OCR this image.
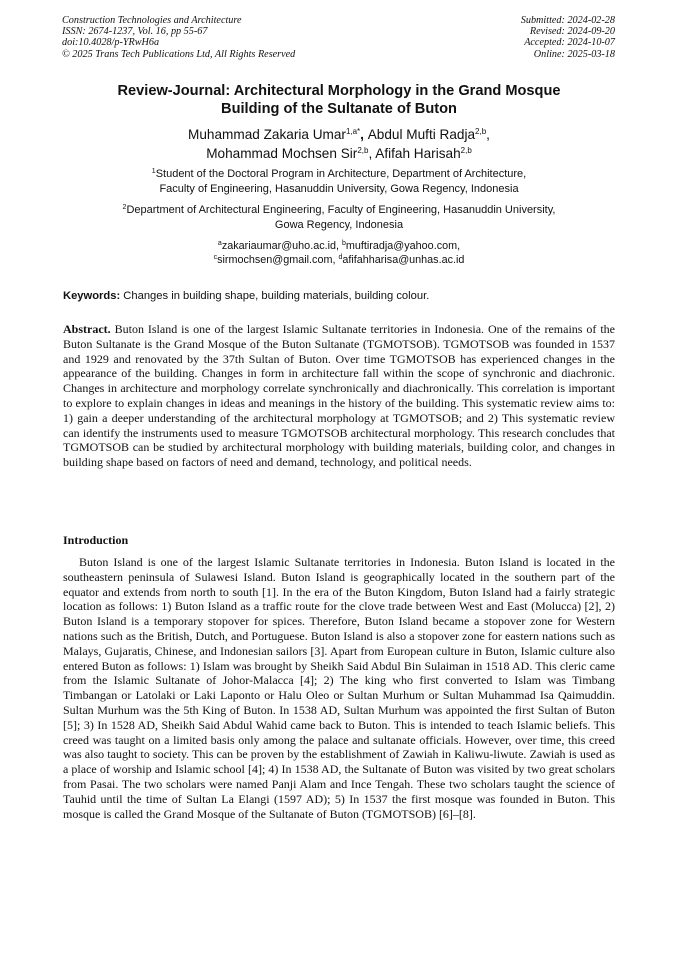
Construction Technologies and Architecture
ISSN: 2674-1237, Vol. 16, pp 55-67
doi:10.4028/p-YRwH6a
© 2025 Trans Tech Publications Ltd, All Rights Reserved
Submitted: 2024-02-28
Revised: 2024-09-20
Accepted: 2024-10-07
Online: 2025-03-18
Review-Journal: Architectural Morphology in the Grand Mosque
Building of the Sultanate of Buton
Muhammad Zakaria Umar$^{1,a*}$, Abdul Mufti Radja$^{2,b}$,
Mohammad Mochsen Sir$^{2,b}$, Afifah Harisah$^{2,b}$
$^1$Student of the Doctoral Program in Architecture, Department of Architecture,
Faculty of Engineering, Hasanuddin University, Gowa Regency, Indonesia
$^2$Department of Architectural Engineering, Faculty of Engineering, Hasanuddin University,
Gowa Regency, Indonesia
$^a$zakariaumar@uho.ac.id, $^b$muftiradja@yahoo.com,
$^c$sirmochsen@gmail.com, $^d$afifahharisa@unhas.ac.id
Keywords: Changes in building shape, building materials, building colour.
Abstract. Buton Island is one of the largest Islamic Sultanate territories in Indonesia. One of the remains of the Buton Sultanate is the Grand Mosque of the Buton Sultanate (TGMOTSOB). TGMOTSOB was founded in 1537 and 1929 and renovated by the 37th Sultan of Buton. Over time TGMOTSOB has experienced changes in the appearance of the building. Changes in form in architecture fall within the scope of synchronic and diachronic. Changes in architecture and morphology correlate synchronically and diachronically. This correlation is important to explore to explain changes in ideas and meanings in the history of the building. This systematic review aims to: 1) gain a deeper understanding of the architectural morphology at TGMOTSOB; and 2) This systematic review can identify the instruments used to measure TGMOTSOB architectural morphology. This research concludes that TGMOTSOB can be studied by architectural morphology with building materials, building color, and changes in building shape based on factors of need and demand, technology, and political needs.
Introduction
Buton Island is one of the largest Islamic Sultanate territories in Indonesia. Buton Island is located in the southeastern peninsula of Sulawesi Island. Buton Island is geographically located in the southern part of the equator and extends from north to south [1]. In the era of the Buton Kingdom, Buton Island had a fairly strategic location as follows: 1) Buton Island as a traffic route for the clove trade between West and East (Molucca) [2], 2) Buton Island is a temporary stopover for spices. Therefore, Buton Island became a stopover zone for Western nations such as the British, Dutch, and Portuguese. Buton Island is also a stopover zone for eastern nations such as Malays, Gujaratis, Chinese, and Indonesian sailors [3]. Apart from European culture in Buton, Islamic culture also entered Buton as follows: 1) Islam was brought by Sheikh Said Abdul Bin Sulaiman in 1518 AD. This cleric came from the Islamic Sultanate of Johor-Malacca [4]; 2) The king who first converted to Islam was Timbang Timbangan or Latolaki or Laki Laponto or Halu Oleo or Sultan Murhum or Sultan Muhammad Isa Qaimuddin. Sultan Murhum was the 5th King of Buton. In 1538 AD, Sultan Murhum was appointed the first Sultan of Buton [5]; 3) In 1528 AD, Sheikh Said Abdul Wahid came back to Buton. This is intended to teach Islamic beliefs. This creed was taught on a limited basis only among the palace and sultanate officials. However, over time, this creed was also taught to society. This can be proven by the establishment of Zawiah in Kaliwu-liwute. Zawiah is used as a place of worship and Islamic school [4]; 4) In 1538 AD, the Sultanate of Buton was visited by two great scholars from Pasai. The two scholars were named Panji Alam and Ince Tengah. These two scholars taught the science of Tauhid until the time of Sultan La Elangi (1597 AD); 5) In 1537 the first mosque was founded in Buton. This mosque is called the Grand Mosque of the Sultanate of Buton (TGMOTSOB) [6]–[8].
